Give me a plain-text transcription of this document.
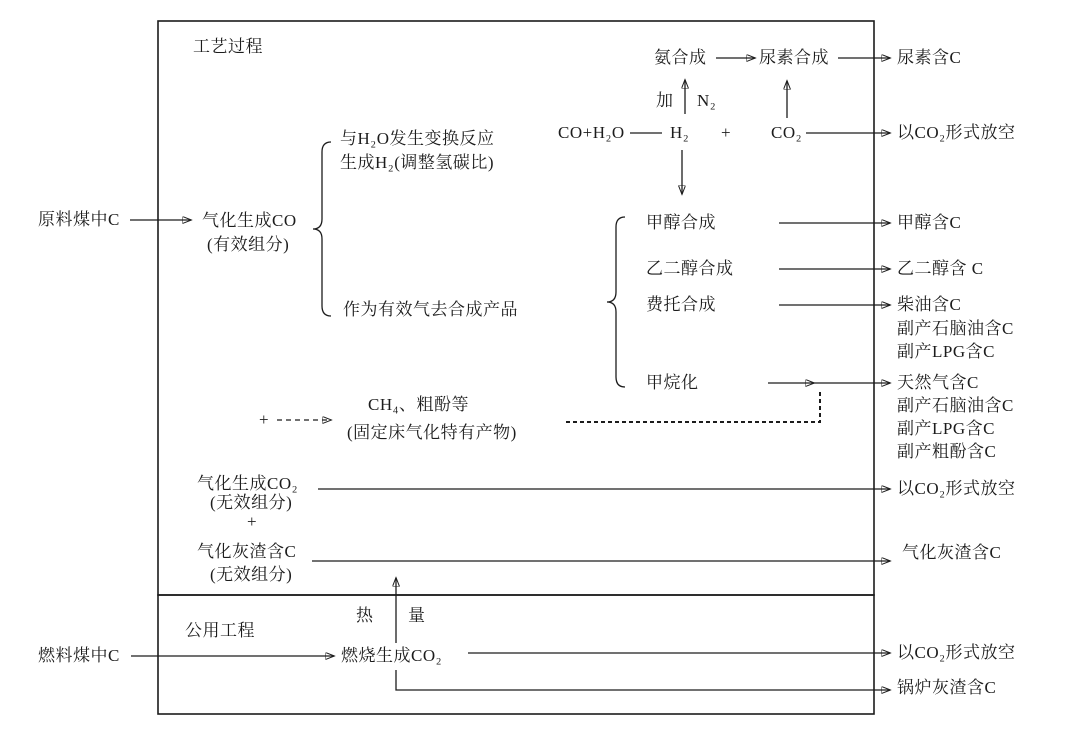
工艺过程
公用工程
原料煤中C
燃料煤中C
气化生成CO
(有效组分)
与H₂O发生变换反应
生成H₂(调整氢碳比)
作为有效气去合成产品
CO+H₂O	H₂ + CO₂
加 N₂
氨合成	尿素合成
甲醇合成
乙二醇合成
费托合成
甲烷化
+
CH₄、粗酚等
(固定床气化特有产物)
气化生成CO₂
(无效组分)
+
气化灰渣含C
(无效组分)
热 量
燃烧生成CO₂
尿素含C
以CO₂形式放空
甲醇含C
乙二醇含 C
柴油含C
副产石脑油含C
副产LPG含C
天然气含C
副产石脑油含C
副产LPG含C
副产粗酚含C
以CO₂形式放空
气化灰渣含C
以CO₂形式放空
锅炉灰渣含C
